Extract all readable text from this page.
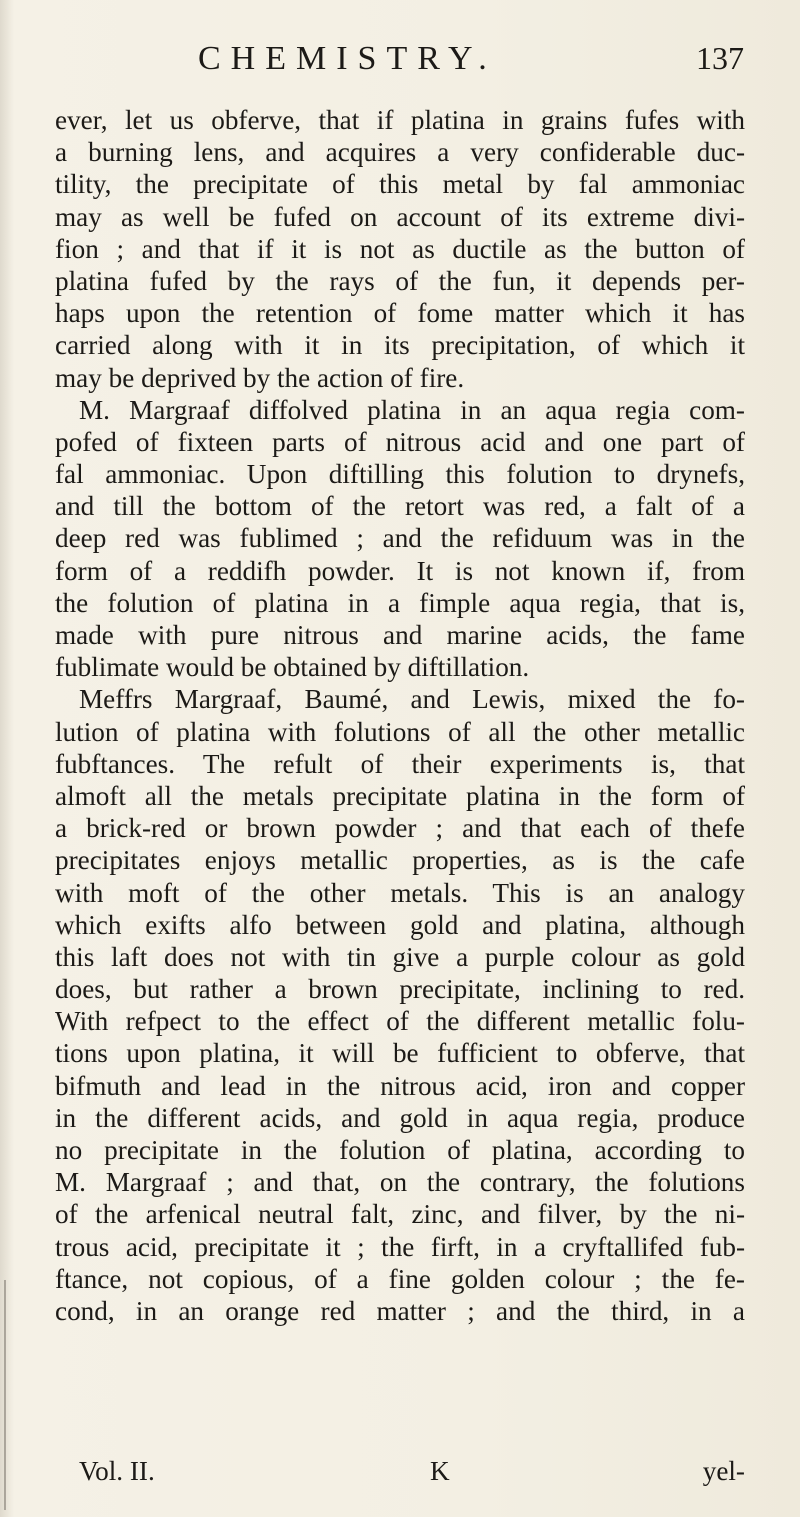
CHEMISTRY.	137
ever, let us obferve, that if platina in grains fufes with
a burning lens, and acquires a very confiderable duc-
tility, the precipitate of this metal by fal ammoniac
may as well be fufed on account of its extreme divi-
fion ; and that if it is not as ductile as the button of
platina fufed by the rays of the fun, it depends per-
haps upon the retention of fome matter which it has
carried along with it in its precipitation, of which it
may be deprived by the action of fire.
M. Margraaf diffolved platina in an aqua regia com-
pofed of fixteen parts of nitrous acid and one part of
fal ammoniac. Upon diftilling this folution to drynefs,
and till the bottom of the retort was red, a falt of a
deep red was fublimed ; and the refiduum was in the
form of a reddifh powder. It is not known if, from
the folution of platina in a fimple aqua regia, that is,
made with pure nitrous and marine acids, the fame
fublimate would be obtained by diftillation.
Meffrs Margraaf, Baumé, and Lewis, mixed the fo-
lution of platina with folutions of all the other metallic
fubftances. The refult of their experiments is, that
almoft all the metals precipitate platina in the form of
a brick-red or brown powder ; and that each of thefe
precipitates enjoys metallic properties, as is the cafe
with moft of the other metals. This is an analogy
which exifts alfo between gold and platina, although
this laft does not with tin give a purple colour as gold
does, but rather a brown precipitate, inclining to red.
With refpect to the effect of the different metallic folu-
tions upon platina, it will be fufficient to obferve, that
bifmuth and lead in the nitrous acid, iron and copper
in the different acids, and gold in aqua regia, produce
no precipitate in the folution of platina, according to
M. Margraaf ; and that, on the contrary, the folutions
of the arfenical neutral falt, zinc, and filver, by the ni-
trous acid, precipitate it ; the firft, in a cryftallifed fub-
ftance, not copious, of a fine golden colour ; the fe-
cond, in an orange red matter ; and the third, in a
Vol. II.	K	yel-
